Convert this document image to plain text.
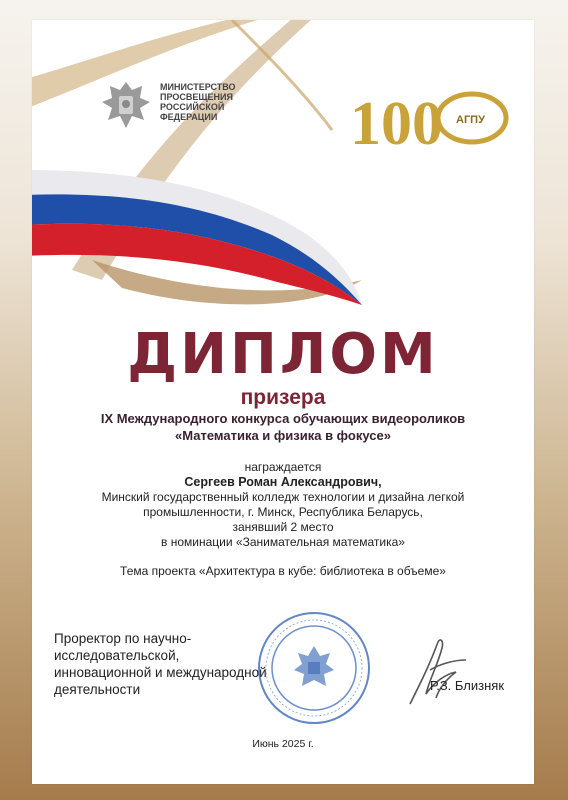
МИНИСТЕРСТВО
ПРОСВЕЩЕНИЯ
РОССИЙСКОЙ
ФЕДЕРАЦИИ	100 АГПУ
ДИПЛОМ
призера
IX Международного конкурса обучающих видеороликов
«Математика и физика в фокусе»
награждается
Сергеев Роман Александрович,
Минский государственный колледж технологии и дизайна легкой
промышленности, г. Минск, Республика Беларусь,
занявший 2 место
в номинации «Занимательная математика»
Тема проекта «Архитектура в кубе: библиотека в объеме»
Проректор по научно-
исследовательской,
инновационной и международной
деятельности	Р.З. Близняк
Июнь 2025 г.
